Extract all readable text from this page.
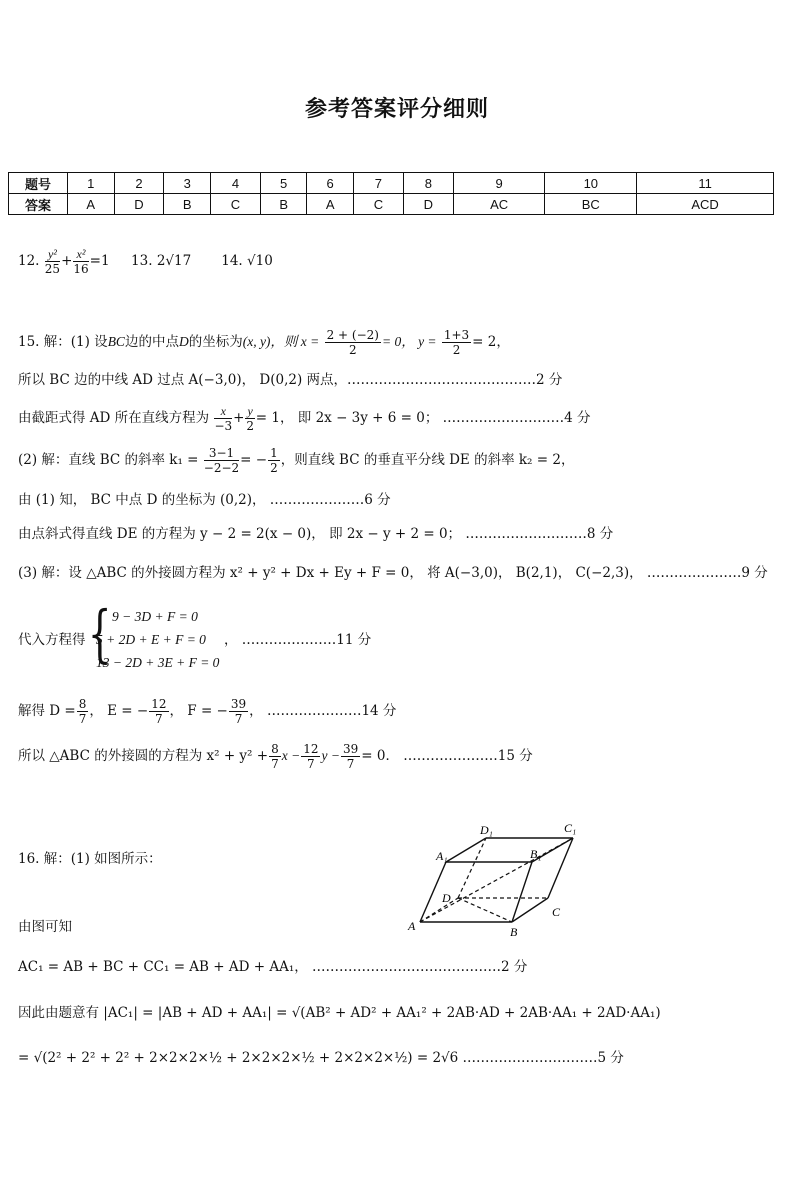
参考答案评分细则
题号	1	2	3	4	5	6	7	8	9	10	11
答案	A	D	B	C	B	A	C	D	AC	BC	ACD
12. $\frac{\text{y²}}{25} + \frac{\text{x²}}{16} =1$ 13. 2√17 14. √10
15. 解：(1) 设BC边的中点D的坐标为(x, y)，则 $x = \frac{2 + (-2)}{2} = 0$， $y = \frac{1+3}{2} = 2$，
所以 BC 边的中线 AD 过点 A(−3,0)， D(0,2) 两点，……………………………………2 分
由截距式得 AD 所在直线方程为 $\frac{x}{-3} + \frac{y}{2} = 1$， 即 2x − 3y + 6 = 0； ………………………4 分
(2) 解：直线 BC 的斜率 $k_1 = \frac{3-1}{-2-2}$ = − $\frac{1}{2}$ ，则直线 BC 的垂直平分线 DE 的斜率 k₂ = 2，
由 (1) 知， BC 中点 D 的坐标为 (0,2)， …………………6 分
由点斜式得直线 DE 的方程为 y − 2 = 2(x − 0)， 即 2x − y + 2 = 0； ………………………8 分
(3) 解：设 △ABC 的外接圆方程为 x² + y² + Dx + Ey + F = 0， 将 A(−3,0)， B(2,1)， C(−2,3)， …………………9 分
代入方程得 { 9 − 3D + F = 0
5 + 2D + E + F = 0
13 − 2D + 3E + F = 0
， …………………11 分
解得 $D = \frac{8}{7}$ ， E = − $\frac{12}{7}$ ， F = − $\frac{39}{7}$ ， …………………14 分
所以 △ABC 的外接圆的方程为 $x^2 + y^2 + \frac{8}{7}$ $x - \frac{12}{7}$ $y - \frac{39}{7} = 0$． …………………15 分
16. 解：(1) 如图所示：
D₁	C₁
A₁	B₁
D
C
A	B
由图可知
AC₁ = AB + BC + CC₁ = AB + AD + AA₁， ……………………………………2 分
因此由题意有 |AC₁| = |AB + AD + AA₁| = √(AB² + AD² + AA₁² + 2AB·AD + 2AB·AA₁ + 2AD·AA₁)
= √(2² + 2² + 2² + 2×2×2×½ + 2×2×2×½ + 2×2×2×½) = 2√6 …………………………5 分
